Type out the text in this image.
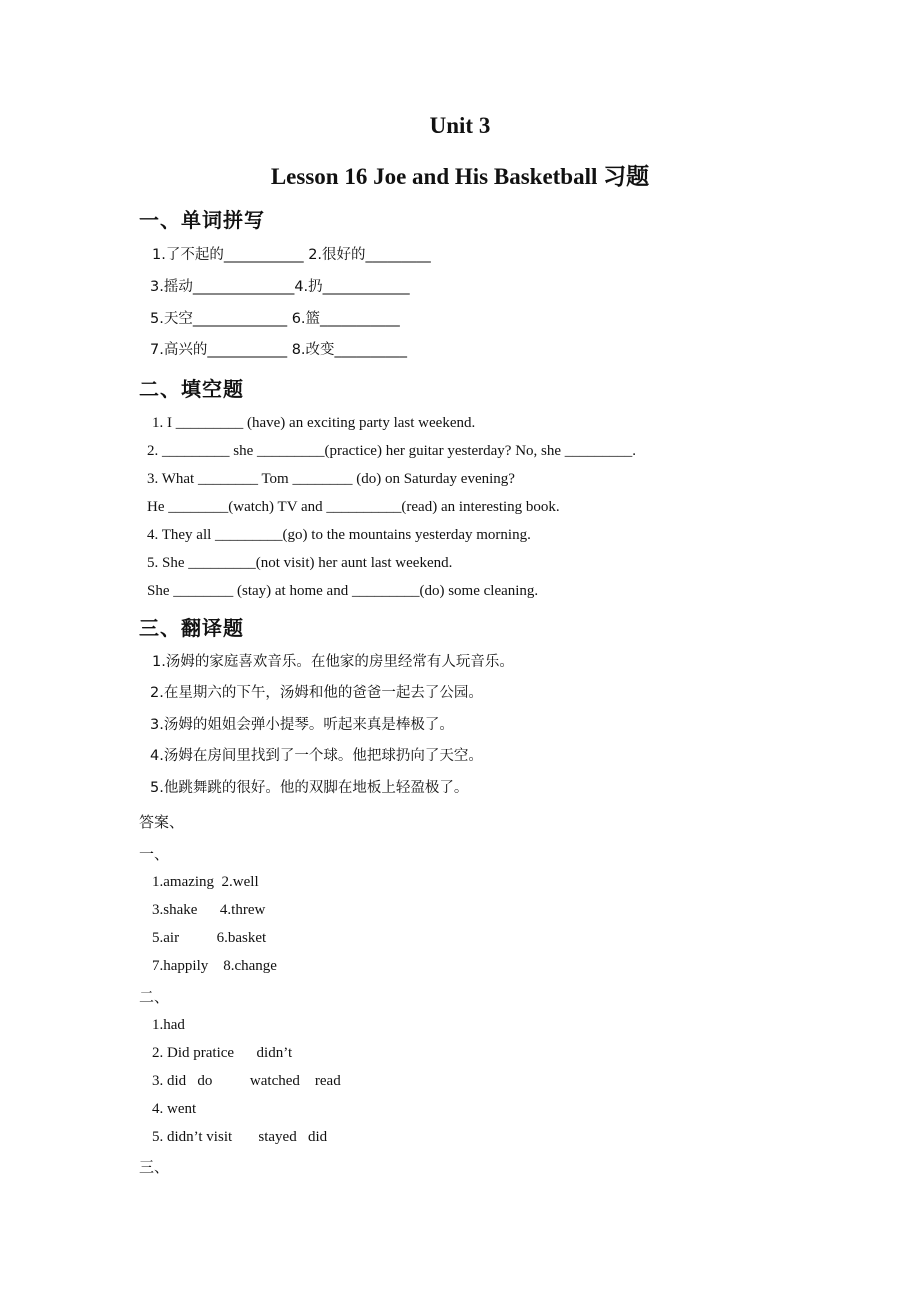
Unit 3
Lesson 16 Joe and His Basketball 习题
一、单词拼写
1.了不起的___________ 2.很好的_________
3.摇动______________4.扔____________
5.天空_____________ 6.篮___________
7.高兴的___________ 8.改变__________
二、填空题
1. I _________ (have) an exciting party last weekend.
2. _________ she _________(practice) her guitar yesterday? No, she _________.
3. What ________ Tom ________ (do) on Saturday evening?
He ________(watch) TV and __________(read) an interesting book.
4. They all _________(go) to the mountains yesterday morning.
5. She _________(not visit) her aunt last weekend.
She ________ (stay) at home and _________(do) some cleaning.
三、翻译题
1.汤姆的家庭喜欢音乐。在他家的房里经常有人玩音乐。
2.在星期六的下午，汤姆和他的爸爸一起去了公园。
3.汤姆的姐姐会弹小提琴。听起来真是棒极了。
4.汤姆在房间里找到了一个球。他把球扔向了天空。
5.他跳舞跳的很好。他的双脚在地板上轻盈极了。
答案、
一、
1.amazing  2.well
3.shake      4.threw
5.air          6.basket
7.happily    8.change
二、
1.had
2. Did pratice      didn’t
3. did   do          watched    read
4. went
5. didn’t visit       stayed   did
三、
